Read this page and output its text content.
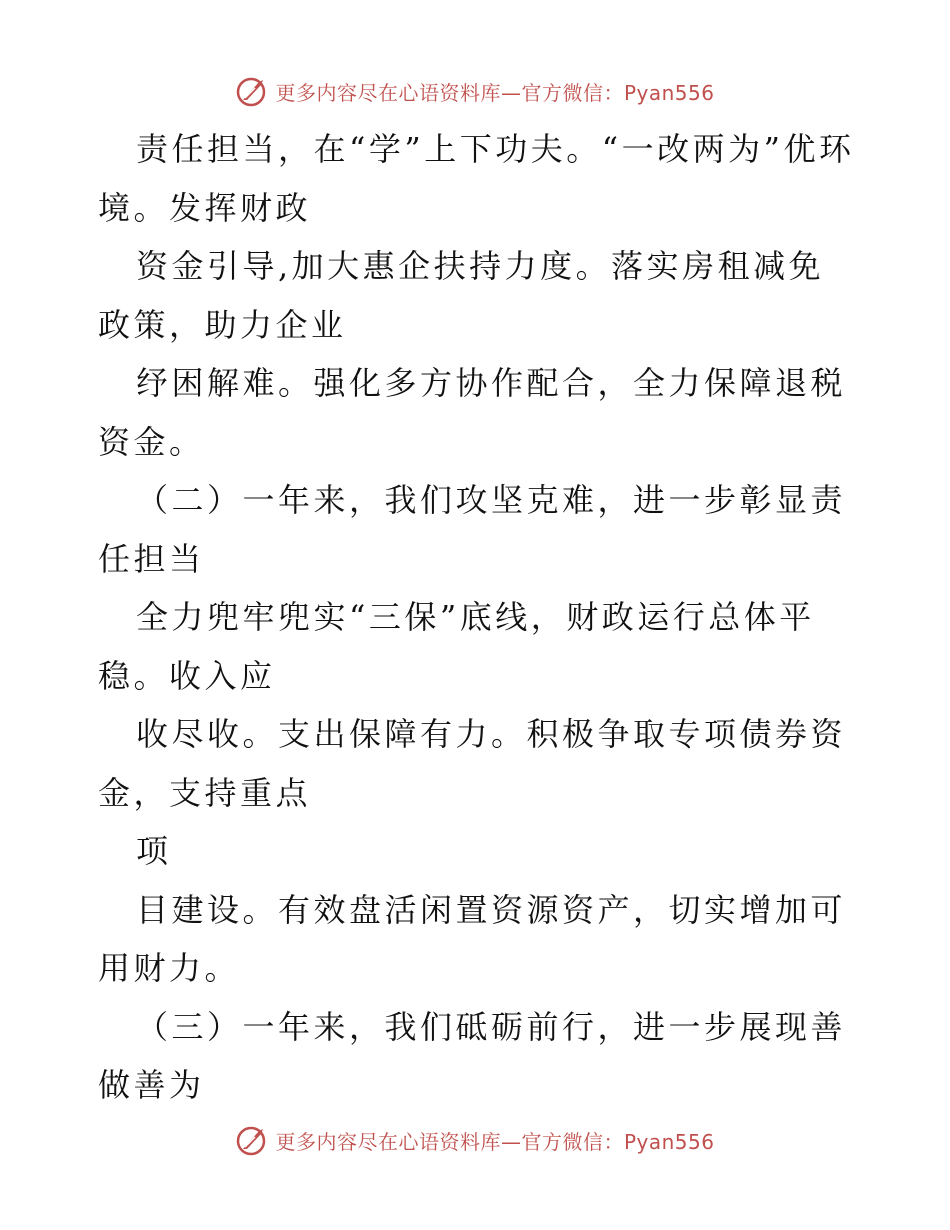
更多内容尽在心语资料库—官方微信：Pyan556

责任担当，在“学”上下功夫。“一改两为”优环境。发挥财政

资金引导,加大惠企扶持力度。落实房租减免政策，助力企业

纾困解难。强化多方协作配合，全力保障退税资金。

（二）一年来，我们攻坚克难，进一步彰显责任担当

全力兜牢兜实“三保”底线，财政运行总体平稳。收入应

收尽收。支出保障有力。积极争取专项债券资金，支持重点

项

目建设。有效盘活闲置资源资产，切实增加可用财力。

（三）一年来，我们砥砺前行，进一步展现善做善为

更多内容尽在心语资料库—官方微信：Pyan556
